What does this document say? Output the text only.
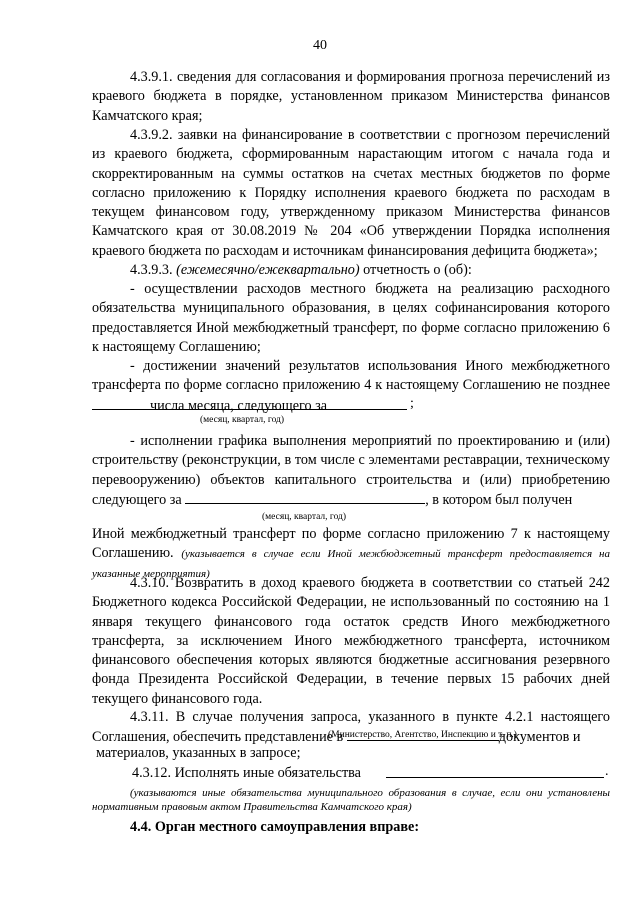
40

4.3.9.1. сведения для согласования и формирования прогноза перечислений из краевого бюджета в порядке, установленном приказом Министерства финансов Камчатского края;

4.3.9.2. заявки на финансирование в соответствии с прогнозом перечислений из краевого бюджета, сформированным нарастающим итогом с начала года и скорректированным на суммы остатков на счетах местных бюджетов по форме согласно приложению к Порядку исполнения краевого бюджета по расходам в текущем финансовом году, утвержденному приказом Министерства финансов Камчатского края от 30.08.2019 № 204 «Об утверждении Порядка исполнения краевого бюджета по расходам и источникам финансирования дефицита бюджета»;

4.3.9.3. (ежемесячно/ежеквартально) отчетность о (об):

- осуществлении расходов местного бюджета на реализацию расходного обязательства муниципального образования, в целях софинансирования которого предоставляется Иной межбюджетный трансферт, по форме согласно приложению 6 к настоящему Соглашению;

- достижении значений результатов использования Иного межбюджетного трансферта по форме согласно приложению 4 к настоящему Соглашению не позднее числа месяца, следующего за	;
(месяц, квартал, год)

- исполнении графика выполнения мероприятий по проектированию и (или) строительству (реконструкции, в том числе с элементами реставрации, техническому перевооружению) объектов капитального строительства и (или) приобретению

следующего за	, в котором был получен
(месяц, квартал, год)

Иной межбюджетный трансферт по форме согласно приложению 7 к настоящему Соглашению. (указывается в случае если Иной межбюджетный трансферт предоставляется на указанные мероприятия)

4.3.10. Возвратить в доход краевого бюджета в соответствии со статьей 242 Бюджетного кодекса Российской Федерации, не использованный по состоянию на 1 января текущего финансового года остаток средств Иного межбюджетного трансферта, за исключением Иного межбюджетного трансферта, источником финансового обеспечения которых являются бюджетные ассигнования резервного фонда Президента Российской Федерации, в течение первых 15 рабочих дней текущего финансового года.

4.3.11. В случае получения запроса, указанного в пункте 4.2.1 настоящего Соглашения, обеспечить представление в	документов и

(Министерство, Агентство, Инспекцию и т. п.)
материалов, указанных в запросе;
4.3.12. Исполнять иные обязательства	.

(указываются иные обязательства муниципального образования в случае, если они установлены нормативным правовым актом Правительства Камчатского края)

4.4. Орган местного самоуправления вправе:
